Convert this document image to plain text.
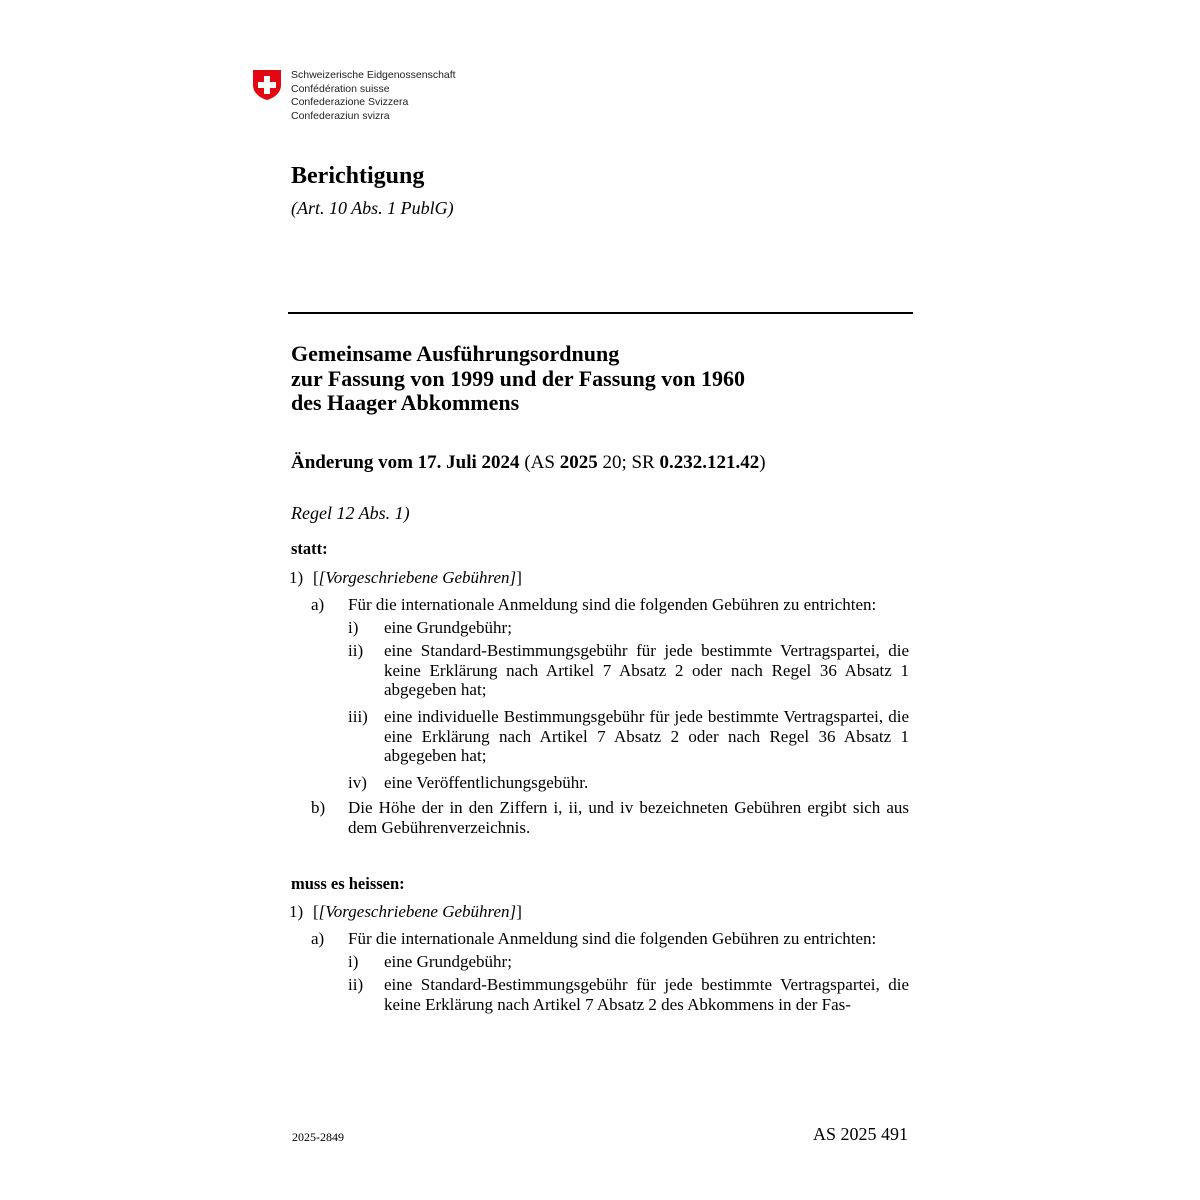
Schweizerische Eidgenossenschaft
Confédération suisse
Confederazione Svizzera
Confederaziun svizra
Berichtigung
(Art. 10 Abs. 1 PublG)
Gemeinsame Ausführungsordnung
zur Fassung von 1999 und der Fassung von 1960
des Haager Abkommens
Änderung vom 17. Juli 2024 (AS 2025 20; SR 0.232.121.42)
Regel 12 Abs. 1)
statt:
1) [[Vorgeschriebene Gebühren]]
a) Für die internationale Anmeldung sind die folgenden Gebühren zu entrichten:
i) eine Grundgebühr;
ii) eine Standard-Bestimmungsgebühr für jede bestimmte Vertragspartei, die keine Erklärung nach Artikel 7 Absatz 2 oder nach Regel 36 Absatz 1 abgegeben hat;
iii) eine individuelle Bestimmungsgebühr für jede bestimmte Vertragspartei, die eine Erklärung nach Artikel 7 Absatz 2 oder nach Regel 36 Absatz 1 abgegeben hat;
iv) eine Veröffentlichungsgebühr.
b) Die Höhe der in den Ziffern i, ii, und iv bezeichneten Gebühren ergibt sich aus dem Gebührenverzeichnis.
muss es heissen:
1) [[Vorgeschriebene Gebühren]]
a) Für die internationale Anmeldung sind die folgenden Gebühren zu entrichten:
i) eine Grundgebühr;
ii) eine Standard-Bestimmungsgebühr für jede bestimmte Vertragspartei, die keine Erklärung nach Artikel 7 Absatz 2 des Abkommens in der Fas-
2025-2849	AS 2025 491
